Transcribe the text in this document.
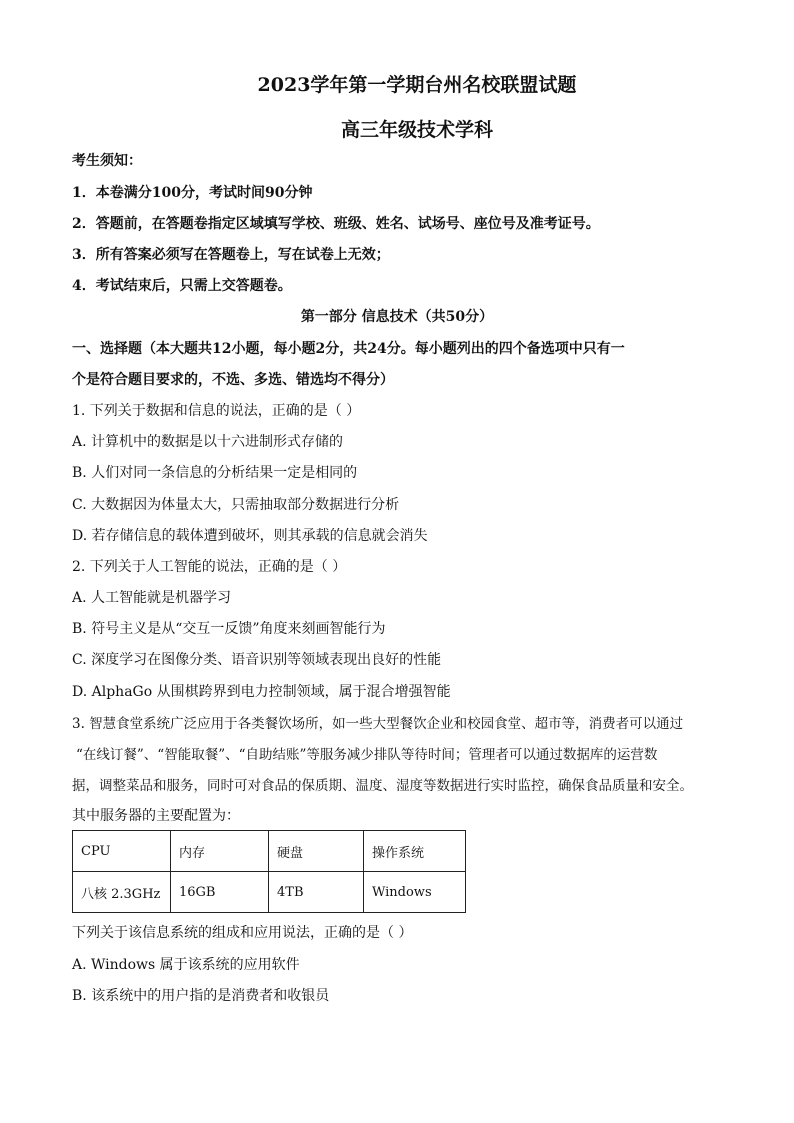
2023学年第一学期台州名校联盟试题
高三年级技术学科
考生须知：
1．本卷满分100分，考试时间90分钟
2．答题前，在答题卷指定区域填写学校、班级、姓名、试场号、座位号及准考证号。
3．所有答案必须写在答题卷上，写在试卷上无效；
4．考试结束后，只需上交答题卷。
第一部分 信息技术（共50分）
一、选择题（本大题共12小题，每小题2分，共24分。每小题列出的四个备选项中只有一
个是符合题目要求的，不选、多选、错选均不得分）
1. 下列关于数据和信息的说法，正确的是（ ）
A. 计算机中的数据是以十六进制形式存储的
B. 人们对同一条信息的分析结果一定是相同的
C. 大数据因为体量太大，只需抽取部分数据进行分析
D. 若存储信息的载体遭到破坏，则其承载的信息就会消失
2. 下列关于人工智能的说法，正确的是（ ）
A. 人工智能就是机器学习
B. 符号主义是从“交互一反馈”角度来刻画智能行为
C. 深度学习在图像分类、语音识别等领域表现出良好的性能
D. AlphaGo 从围棋跨界到电力控制领域，属于混合增强智能
3. 智慧食堂系统广泛应用于各类餐饮场所，如一些大型餐饮企业和校园食堂、超市等，消费者可以通过
“在线订餐”、“智能取餐”、“自助结账”等服务减少排队等待时间；管理者可以通过数据库的运营数
据，调整菜品和服务，同时可对食品的保质期、温度、湿度等数据进行实时监控，确保食品质量和安全。
其中服务器的主要配置为：
CPU	内存	硬盘	操作系统
八核 2.3GHz	16GB	4TB	Windows
下列关于该信息系统的组成和应用说法，正确的是（ ）
A. Windows 属于该系统的应用软件
B. 该系统中的用户指的是消费者和收银员
